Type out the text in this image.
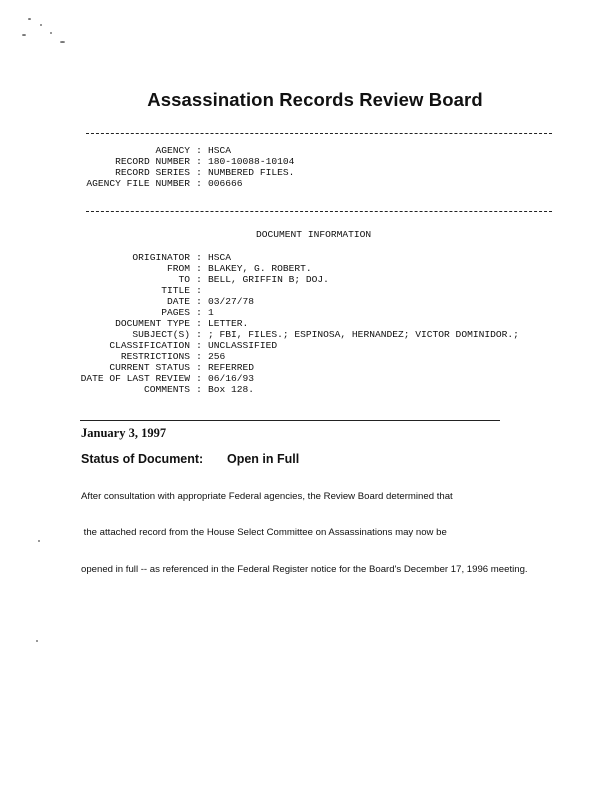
Assassination Records Review Board
AGENCY : HSCA
RECORD NUMBER : 180-10088-10104
RECORD SERIES : NUMBERED FILES.
AGENCY FILE NUMBER : 006666
DOCUMENT INFORMATION
ORIGINATOR : HSCA
FROM : BLAKEY, G. ROBERT.
TO : BELL, GRIFFIN B; DOJ.
TITLE :
DATE : 03/27/78
PAGES : 1
DOCUMENT TYPE : LETTER.
SUBJECT(S) : ; FBI, FILES.; ESPINOSA, HERNANDEZ; VICTOR DOMINIDOR.;
CLASSIFICATION : UNCLASSIFIED
RESTRICTIONS : 256
CURRENT STATUS : REFERRED
DATE OF LAST REVIEW : 06/16/93
COMMENTS : Box 128.
January 3, 1997
Status of Document: Open in Full

After consultation with appropriate Federal agencies, the Review Board determined that

the attached record from the House Select Committee on Assassinations may now be

opened in full -- as referenced in the Federal Register notice for the Board's December 17, 1996 meeting.
